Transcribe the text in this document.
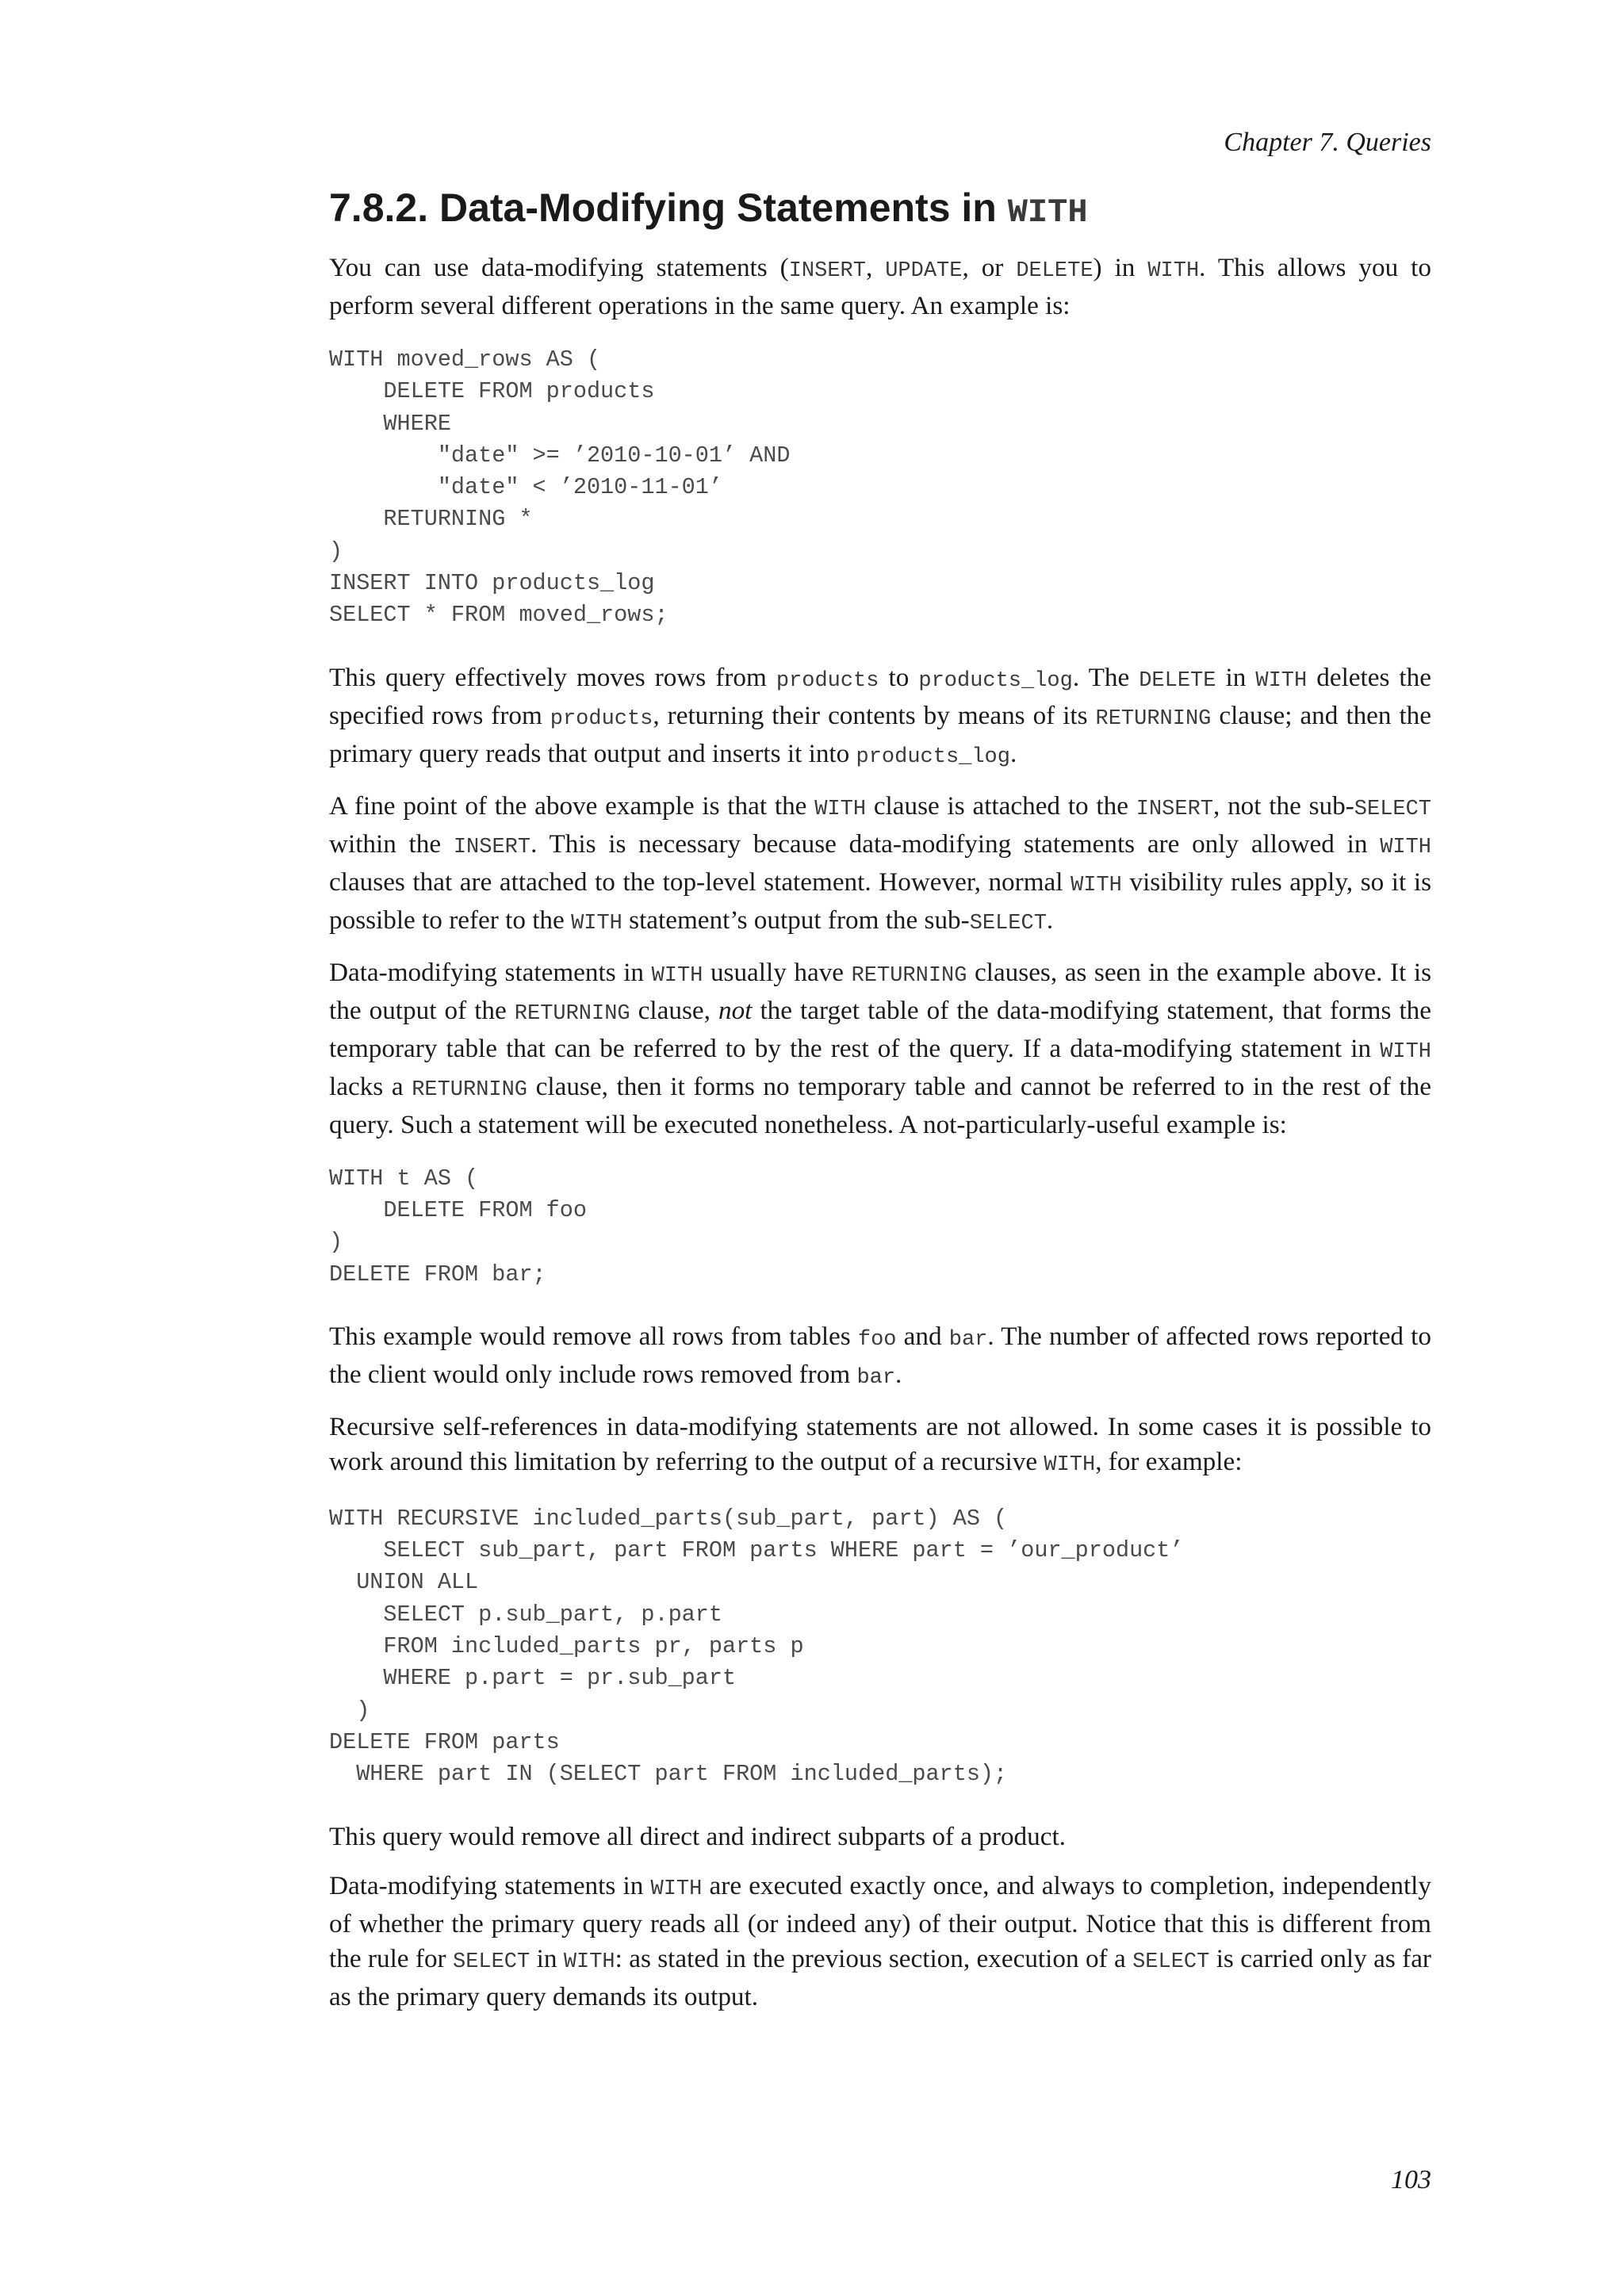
Chapter 7. Queries
7.8.2. Data-Modifying Statements in WITH

You can use data-modifying statements (INSERT, UPDATE, or DELETE) in WITH. This allows you to perform several different operations in the same query. An example is:

WITH moved_rows AS (
DELETE FROM products
WHERE
"date" >= ’2010-10-01’ AND
"date" < ’2010-11-01’
RETURNING *
)
INSERT INTO products_log
SELECT * FROM moved_rows;

This query effectively moves rows from products to products_log. The DELETE in WITH deletes the specified rows from products, returning their contents by means of its RETURNING clause; and then the primary query reads that output and inserts it into products_log.

A fine point of the above example is that the WITH clause is attached to the INSERT, not the sub-SELECT within the INSERT. This is necessary because data-modifying statements are only allowed in WITH clauses that are attached to the top-level statement. However, normal WITH visibility rules apply, so it is possible to refer to the WITH statement’s output from the sub-SELECT.

Data-modifying statements in WITH usually have RETURNING clauses, as seen in the example above. It is the output of the RETURNING clause, not the target table of the data-modifying statement, that forms the temporary table that can be referred to by the rest of the query. If a data-modifying statement in WITH lacks a RETURNING clause, then it forms no temporary table and cannot be referred to in the rest of the query. Such a statement will be executed nonetheless. A not-particularly-useful example is:

WITH t AS (
DELETE FROM foo
)
DELETE FROM bar;

This example would remove all rows from tables foo and bar. The number of affected rows reported to the client would only include rows removed from bar.

Recursive self-references in data-modifying statements are not allowed. In some cases it is possible to work around this limitation by referring to the output of a recursive WITH, for example:

WITH RECURSIVE included_parts(sub_part, part) AS (
SELECT sub_part, part FROM parts WHERE part = ’our_product’
UNION ALL
SELECT p.sub_part, p.part
FROM included_parts pr, parts p
WHERE p.part = pr.sub_part
)
DELETE FROM parts
WHERE part IN (SELECT part FROM included_parts);

This query would remove all direct and indirect subparts of a product.

Data-modifying statements in WITH are executed exactly once, and always to completion, independently of whether the primary query reads all (or indeed any) of their output. Notice that this is different from the rule for SELECT in WITH: as stated in the previous section, execution of a SELECT is carried only as far as the primary query demands its output.

103
